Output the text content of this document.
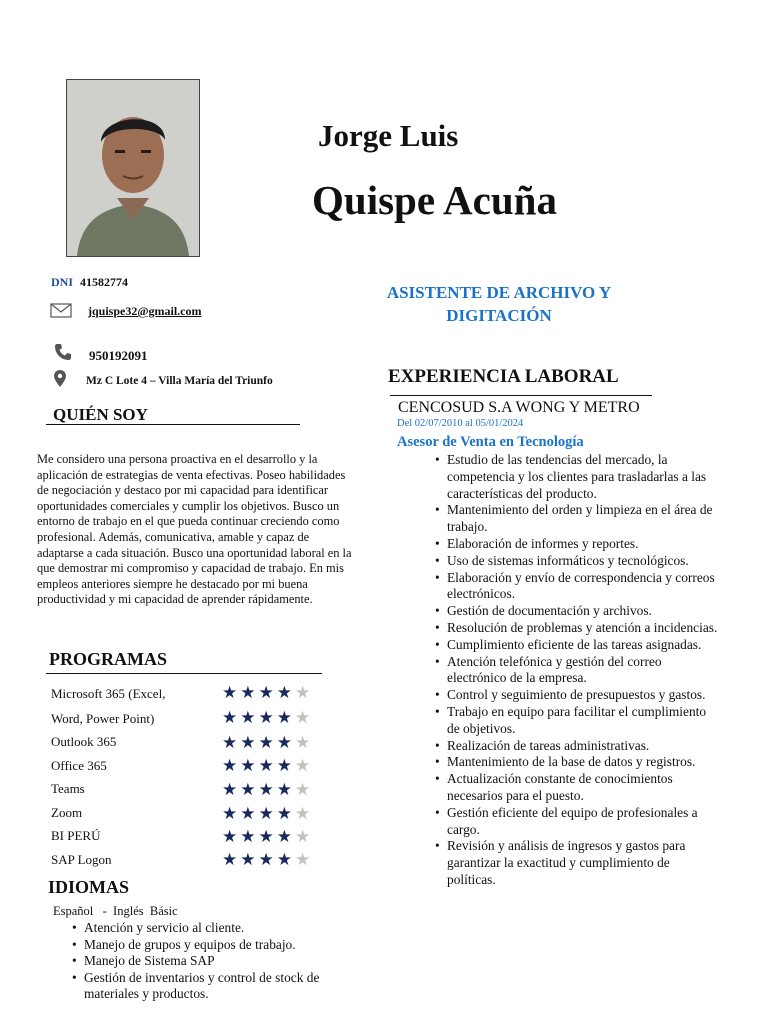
Jorge Luis
Quispe Acuña
DNI 41582774
jquispe32@gmail.com
950192091
Mz C Lote 4 – Villa María del Triunfo
QUIÉN SOY
Me considero una persona proactiva en el desarrollo y la aplicación de estrategias de venta efectivas. Poseo habilidades de negociación y destaco por mi capacidad para identificar oportunidades comerciales y cumplir los objetivos. Busco un entorno de trabajo en el que pueda continuar creciendo como profesional. Además, comunicativa, amable y capaz de adaptarse a cada situación. Busco una oportunidad laboral en la que demostrar mi compromiso y capacidad de trabajo. En mis empleos anteriores siempre he destacado por mi buena productividad y mi capacidad de aprender rápidamente.
PROGRAMAS
Microsoft 365 (Excel,	★★★★★
Word, Power Point)	★★★★★
Outlook 365	★★★★★
Office 365	★★★★★
Teams	★★★★★
Zoom	★★★★★
BI PERÚ	★★★★★
SAP Logon	★★★★★
IDIOMAS
Español   -  Inglés  Básic
• Atención y servicio al cliente.
• Manejo de grupos y equipos de trabajo.
• Manejo de Sistema SAP
• Gestión de inventarios y control de stock de materiales y productos.
ASISTENTE DE ARCHIVO Y DIGITACIÓN
EXPERIENCIA LABORAL
CENCOSUD S.A WONG Y METRO
Del 02/07/2010 al 05/01/2024
Asesor de Venta en Tecnología
• Estudio de las tendencias del mercado, la competencia y los clientes para trasladarlas a las características del producto.
• Mantenimiento del orden y limpieza en el área de trabajo.
• Elaboración de informes y reportes.
• Uso de sistemas informáticos y tecnológicos.
• Elaboración y envío de correspondencia y correos electrónicos.
• Gestión de documentación y archivos.
• Resolución de problemas y atención a incidencias.
• Cumplimiento eficiente de las tareas asignadas.
• Atención telefónica y gestión del correo electrónico de la empresa.
• Control y seguimiento de presupuestos y gastos.
• Trabajo en equipo para facilitar el cumplimiento de objetivos.
• Realización de tareas administrativas.
• Mantenimiento de la base de datos y registros.
• Actualización constante de conocimientos necesarios para el puesto.
• Gestión eficiente del equipo de profesionales a cargo.
• Revisión y análisis de ingresos y gastos para garantizar la exactitud y cumplimiento de políticas.
